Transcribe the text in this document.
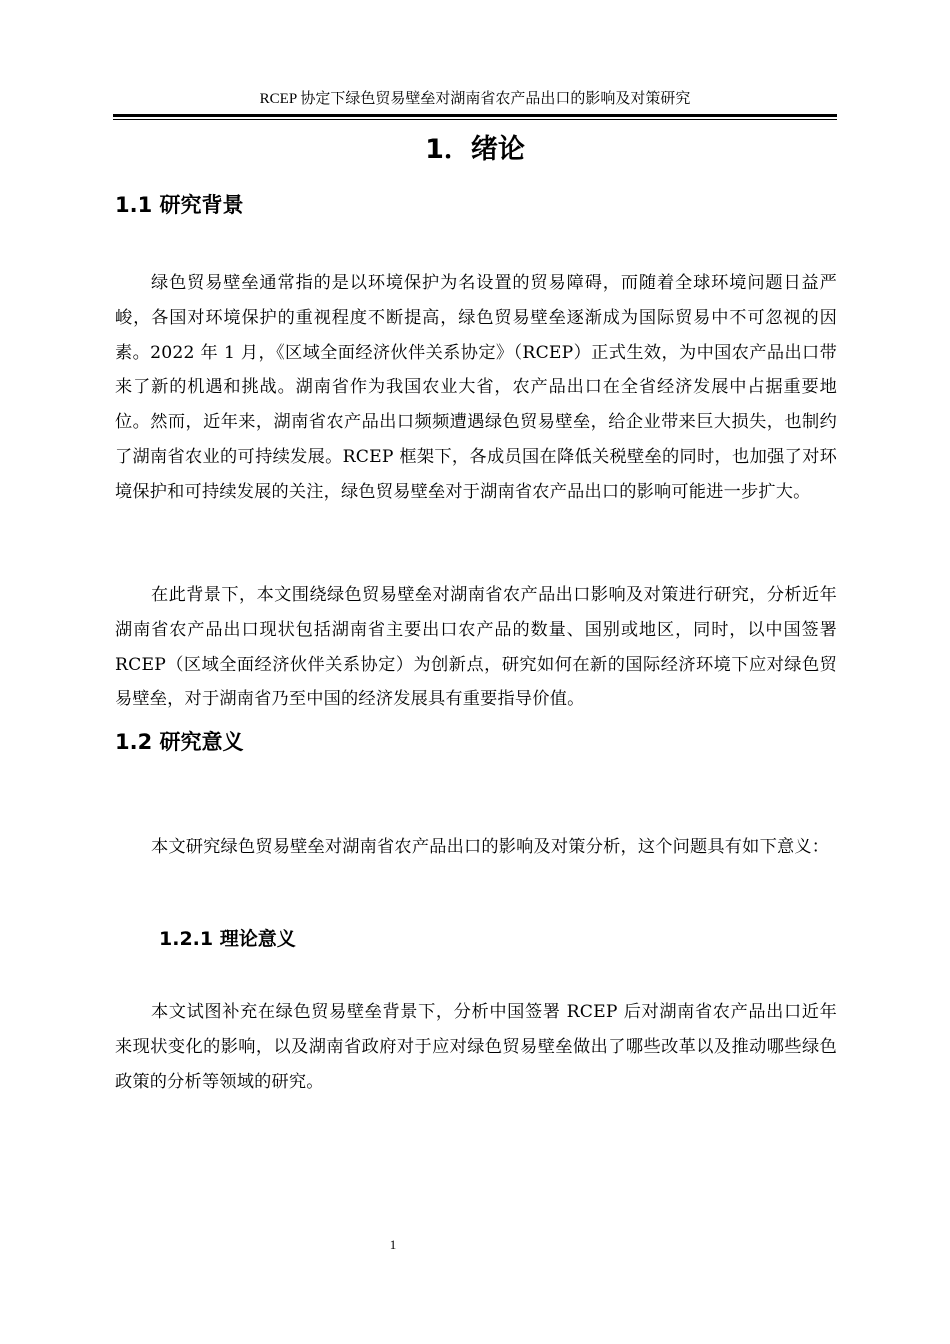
RCEP 协定下绿色贸易壁垒对湖南省农产品出口的影响及对策研究
1．绪论
1.1 研究背景

绿色贸易壁垒通常指的是以环境保护为名设置的贸易障碍，而随着全球环境问题日益严峻，各国对环境保护的重视程度不断提高，绿色贸易壁垒逐渐成为国际贸易中不可忽视的因素。2022 年 1 月，《区域全面经济伙伴关系协定》（RCEP）正式生效，为中国农产品出口带来了新的机遇和挑战。湖南省作为我国农业大省，农产品出口在全省经济发展中占据重要地位。然而，近年来，湖南省农产品出口频频遭遇绿色贸易壁垒，给企业带来巨大损失，也制约了湖南省农业的可持续发展。RCEP 框架下，各成员国在降低关税壁垒的同时，也加强了对环境保护和可持续发展的关注，绿色贸易壁垒对于湖南省农产品出口的影响可能进一步扩大。

在此背景下，本文围绕绿色贸易壁垒对湖南省农产品出口影响及对策进行研究，分析近年湖南省农产品出口现状包括湖南省主要出口农产品的数量、国别或地区，同时，以中国签署 RCEP（区域全面经济伙伴关系协定）为创新点，研究如何在新的国际经济环境下应对绿色贸易壁垒，对于湖南省乃至中国的经济发展具有重要指导价值。

1.2 研究意义

本文研究绿色贸易壁垒对湖南省农产品出口的影响及对策分析，这个问题具有如下意义：

1.2.1 理论意义

本文试图补充在绿色贸易壁垒背景下，分析中国签署 RCEP 后对湖南省农产品出口近年来现状变化的影响，以及湖南省政府对于应对绿色贸易壁垒做出了哪些改革以及推动哪些绿色政策的分析等领域的研究。

1
